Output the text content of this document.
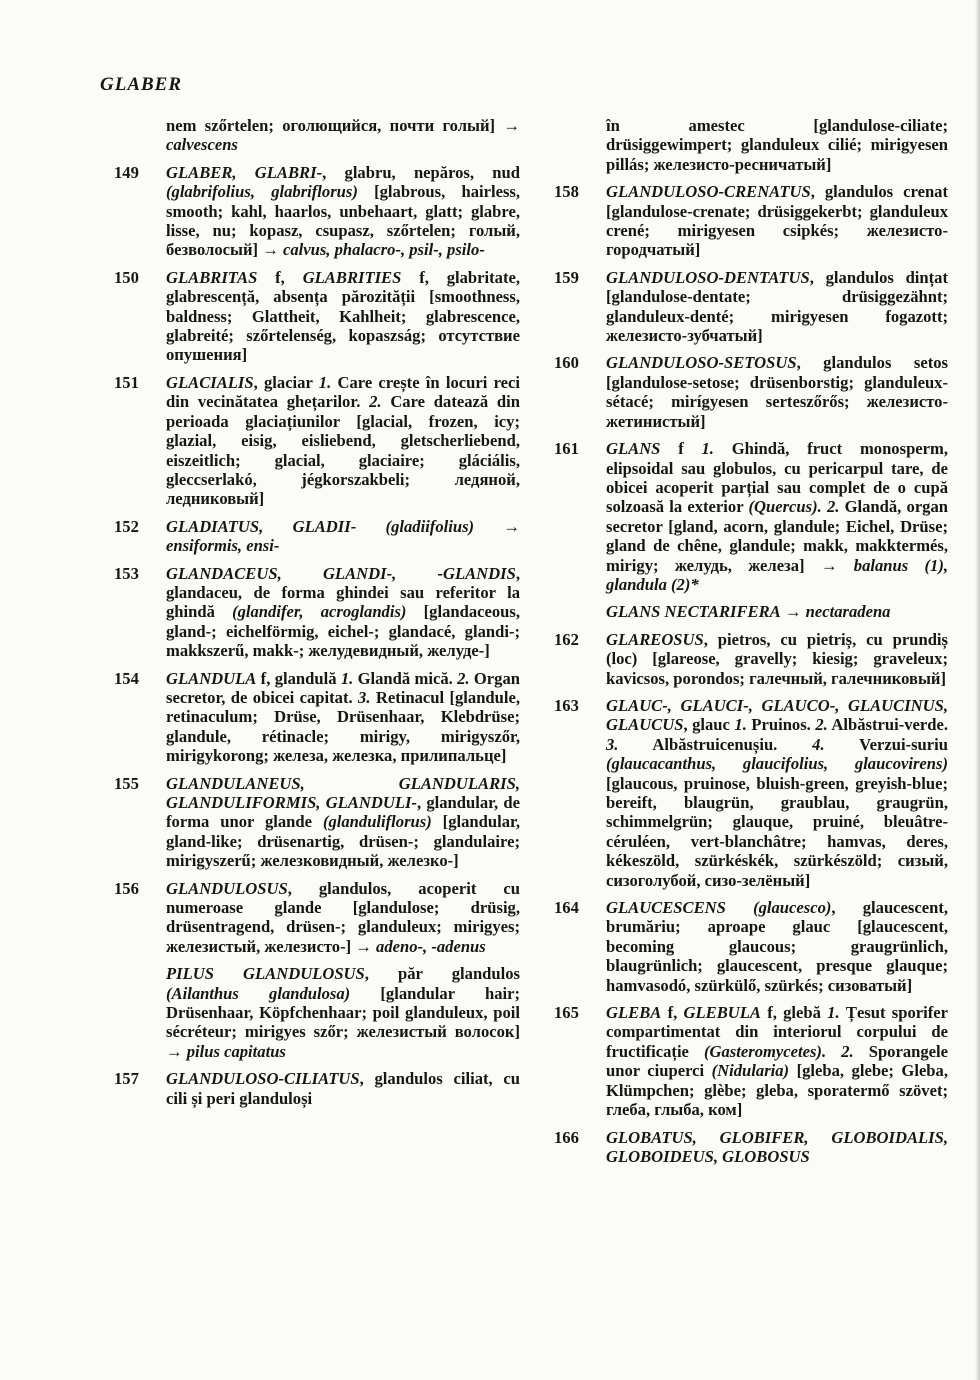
GLABER
nem szőrtelen; оголющийся, почти голый] → calvescens
149 GLABER, GLABRI-, glabru, nepăros, nud (glabrifolius, glabriflorus) [glabrous, hairless, smooth; kahl, haarlos, unbehaart, glatt; glabre, lisse, nu; kopasz, csupasz, szőrtelen; голый, безволосый] → calvus, phalacro-, psil-, psilo-
150 GLABRITAS f, GLABRITIES f, glabritate, glabrescență, absența părozității [smoothness, baldness; Glattheit, Kahlheit; glabrescence, glabreité; szőrtelenség, kopaszság; отсутствие опушения]
151 GLACIALIS, glaciar 1. Care crește în locuri reci din vecinătatea ghețarilor. 2. Care datează din perioada glaciațiunilor [glacial, frozen, icy; glazial, eisig, eisliebend, gletscherliebend, eiszeitlich; glacial, glaciaire; gláciális, gleccserlakó, jégkorszakbeli; ледяной, ледниковый]
152 GLADIATUS, GLADII- (gladiifolius) → ensiformis, ensi-
153 GLANDACEUS, GLANDI-, -GLANDIS, glandaceu, de forma ghindei sau referitor la ghindă (glandifer, acroglandis) [glandaceous, gland-; eichelförmig, eichel-; glandacé, glandi-; makkszerű, makk-; желудевидный, желуде-]
154 GLANDULA f, glandulă 1. Glandă mică. 2. Organ secretor, de obicei capitat. 3. Retinacul [glandule, retinaculum; Drüse, Drüsenhaar, Klebdrüse; glandule, rétinacle; mirigy, mirigyszőr, mirigykorong; железа, железка, прилипальце]
155 GLANDULANEUS, GLANDULARIS, GLANDULIFORMIS, GLANDULI-, glandular, de forma unor glande (glanduliflorus) [glandular, gland-like; drüsenartig, drüsen-; glandulaire; mirigyszerű; железковидный, железко-]
156 GLANDULOSUS, glandulos, acoperit cu numeroase glande [glandulose; drüsig, drüsentragend, drüsen-; glanduleux; mirigyes; железистый, железисто-] → adeno-, -adenus
PILUS GLANDULOSUS, păr glandulos (Ailanthus glandulosa) [glandular hair; Drüsenhaar, Köpfchenhaar; poil glanduleux, poil sécréteur; mirigyes szőr; железистый волосок] → pilus capitatus
157 GLANDULOSO-CILIATUS, glandulos ciliat, cu cili și peri glanduloși
în amestec [glandulose-ciliate; drüsiggewimpert; glanduleux cilié; mirigyesen pillás; железисто-ресничатый]
158 GLANDULOSO-CRENATUS, glandulos crenat [glandulose-crenate; drüsiggekerbt; glanduleux crené; mirigyesen csipkés; железисто-городчатый]
159 GLANDULOSO-DENTATUS, glandulos dințat [glandulose-dentate; drüsiggezähnt; glanduleux-denté; mirigyesen fogazott; железисто-зубчатый]
160 GLANDULOSO-SETOSUS, glandulos setos [glandulose-setose; drüsenborstig; glanduleux-sétacé; mirígyesen serteszőrős; железисто-жетинистый]
161 GLANS f 1. Ghindă, fruct monosperm, elipsoidal sau globulos, cu pericarpul tare, de obicei acoperit parțial sau complet de o cupă solzoasă la exterior (Quercus). 2. Glandă, organ secretor [gland, acorn, glandule; Eichel, Drüse; gland de chêne, glandule; makk, makktermés, mirigy; желудь, железа] → balanus (1), glandula (2)*
GLANS NECTARIFERA → nectaradena
162 GLAREOSUS, pietros, cu pietriș, cu prundiș (loc) [glareose, gravelly; kiesig; graveleux; kavicsos, porondos; галечный, галечниковый]
163 GLAUC-, GLAUCI-, GLAUCO-, GLAUCINUS, GLAUCUS, glauc 1. Pruinos. 2. Albăstrui-verde. 3. Albăstruicenușiu. 4. Verzui-suriu (glaucacanthus, glaucifolius, glaucovirens) [glaucous, pruinose, bluish-green, greyish-blue; bereift, blaugrün, graublau, graugrün, schimmelgrün; glauque, pruiné, bleuâtre-céruléen, vert-blanchâtre; hamvas, deres, kékeszöld, szürkéskék, szürkészöld; сизый, сизоголубой, сизо-зелёный]
164 GLAUCESCENS (glaucesco), glaucescent, brumăriu; aproape glauc [glaucescent, becoming glaucous; graugrünlich, blaugrünlich; glaucescent, presque glauque; hamvasodó, szürkülő, szürkés; сизоватый]
165 GLEBA f, GLEBULA f, glebă 1. Țesut sporifer compartimentat din interiorul corpului de fructificație (Gasteromycetes). 2. Sporangele unor ciuperci (Nidularia) [gleba, glebe; Gleba, Klümpchen; glèbe; gleba, sporatermő szövet; глеба, глыба, ком]
166 GLOBATUS, GLOBIFER, GLOBOIDALIS, GLOBOIDEUS, GLOBOSUS
